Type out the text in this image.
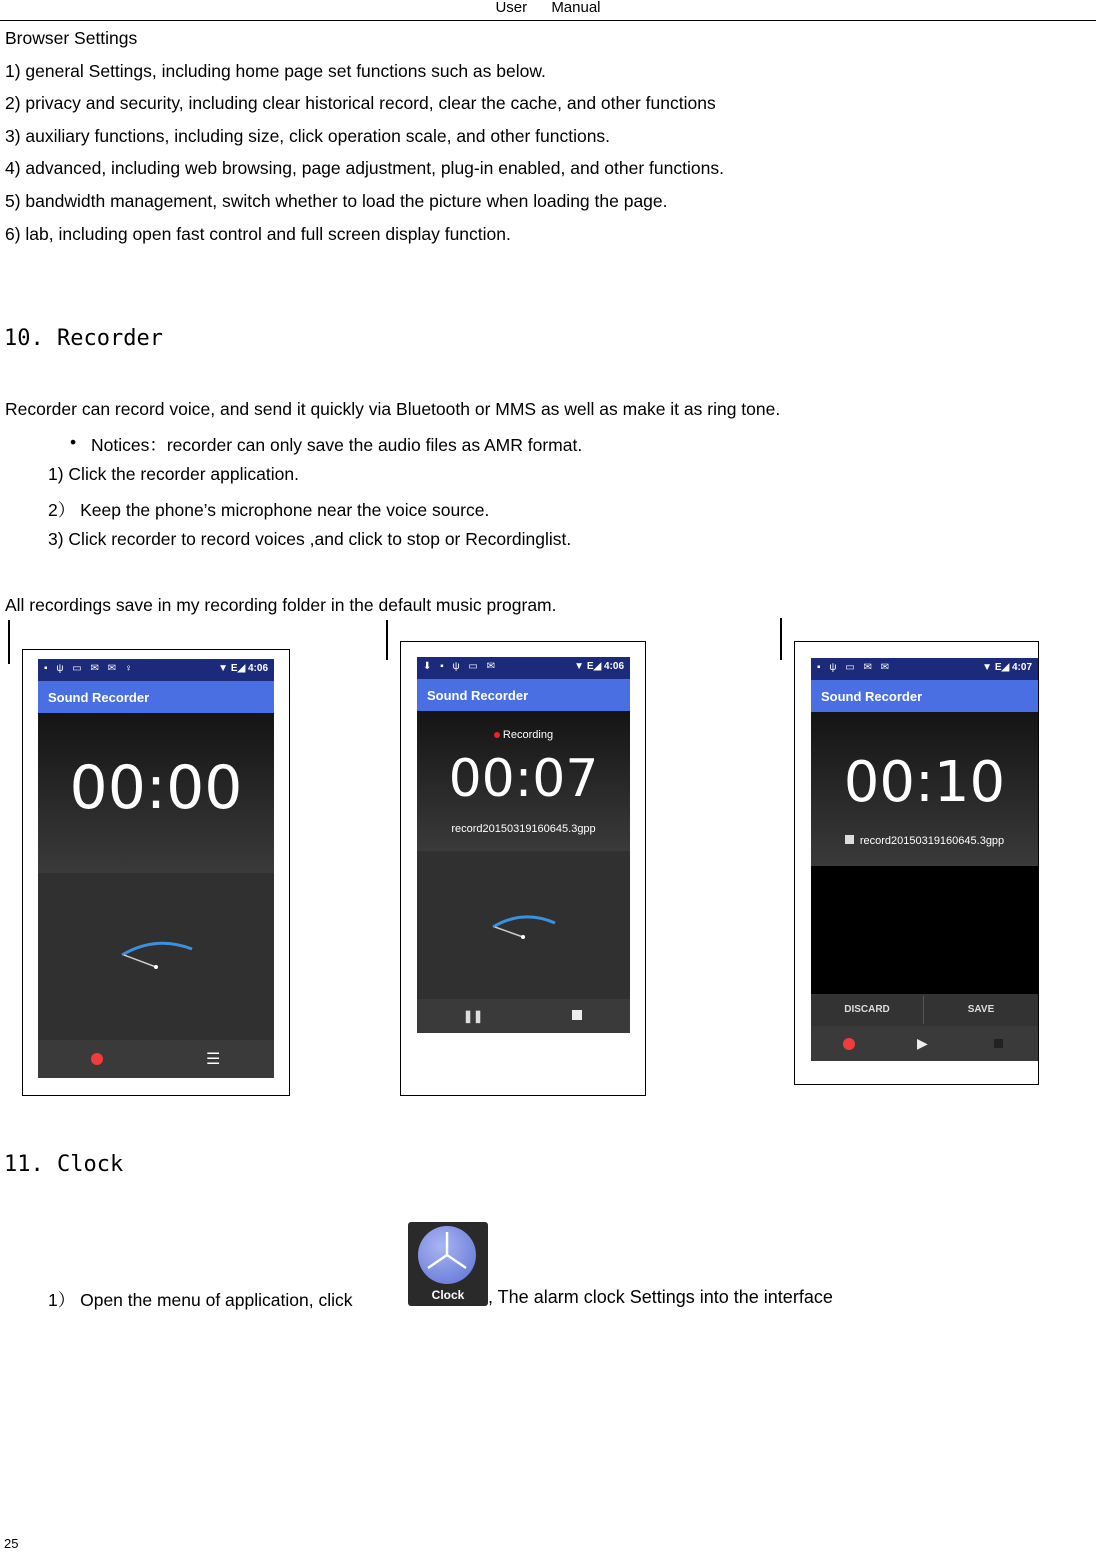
User Manual
Browser Settings
1) general Settings, including home page set functions such as below.
2) privacy and security, including clear historical record, clear the cache, and other functions
3) auxiliary functions, including size, click operation scale, and other functions.
4) advanced, including web browsing, page adjustment, plug-in enabled, and other functions.
5) bandwidth management, switch whether to load the picture when loading the page.
6) lab, including open fast control and full screen display function.
10. Recorder
Recorder can record voice, and send it quickly via Bluetooth or MMS as well as make it as ring tone.
• Notices：recorder can only save the audio files as AMR format.
1) Click the recorder application.
2） Keep the phone’s microphone near the voice source.
3) Click recorder to record voices ,and click to stop or Recordinglist.
All recordings save in my recording folder in the default music program.
▪ ψ ▭ ✉ ✉ ♀	▼ E◢ 4:06
Sound Recorder
00:00
☰
⬇ ▪ ψ ▭ ✉	▼ E◢ 4:06
Sound Recorder
Recording
00:07
record20150319160645.3gpp
❚❚
▪ ψ ▭ ✉ ✉	▼ E◢ 4:07
Sound Recorder
00:10
record20150319160645.3gpp
DISCARD	SAVE
▶
11. Clock
1） Open the menu of application, click	Clock	, The alarm clock Settings into the interface
25
